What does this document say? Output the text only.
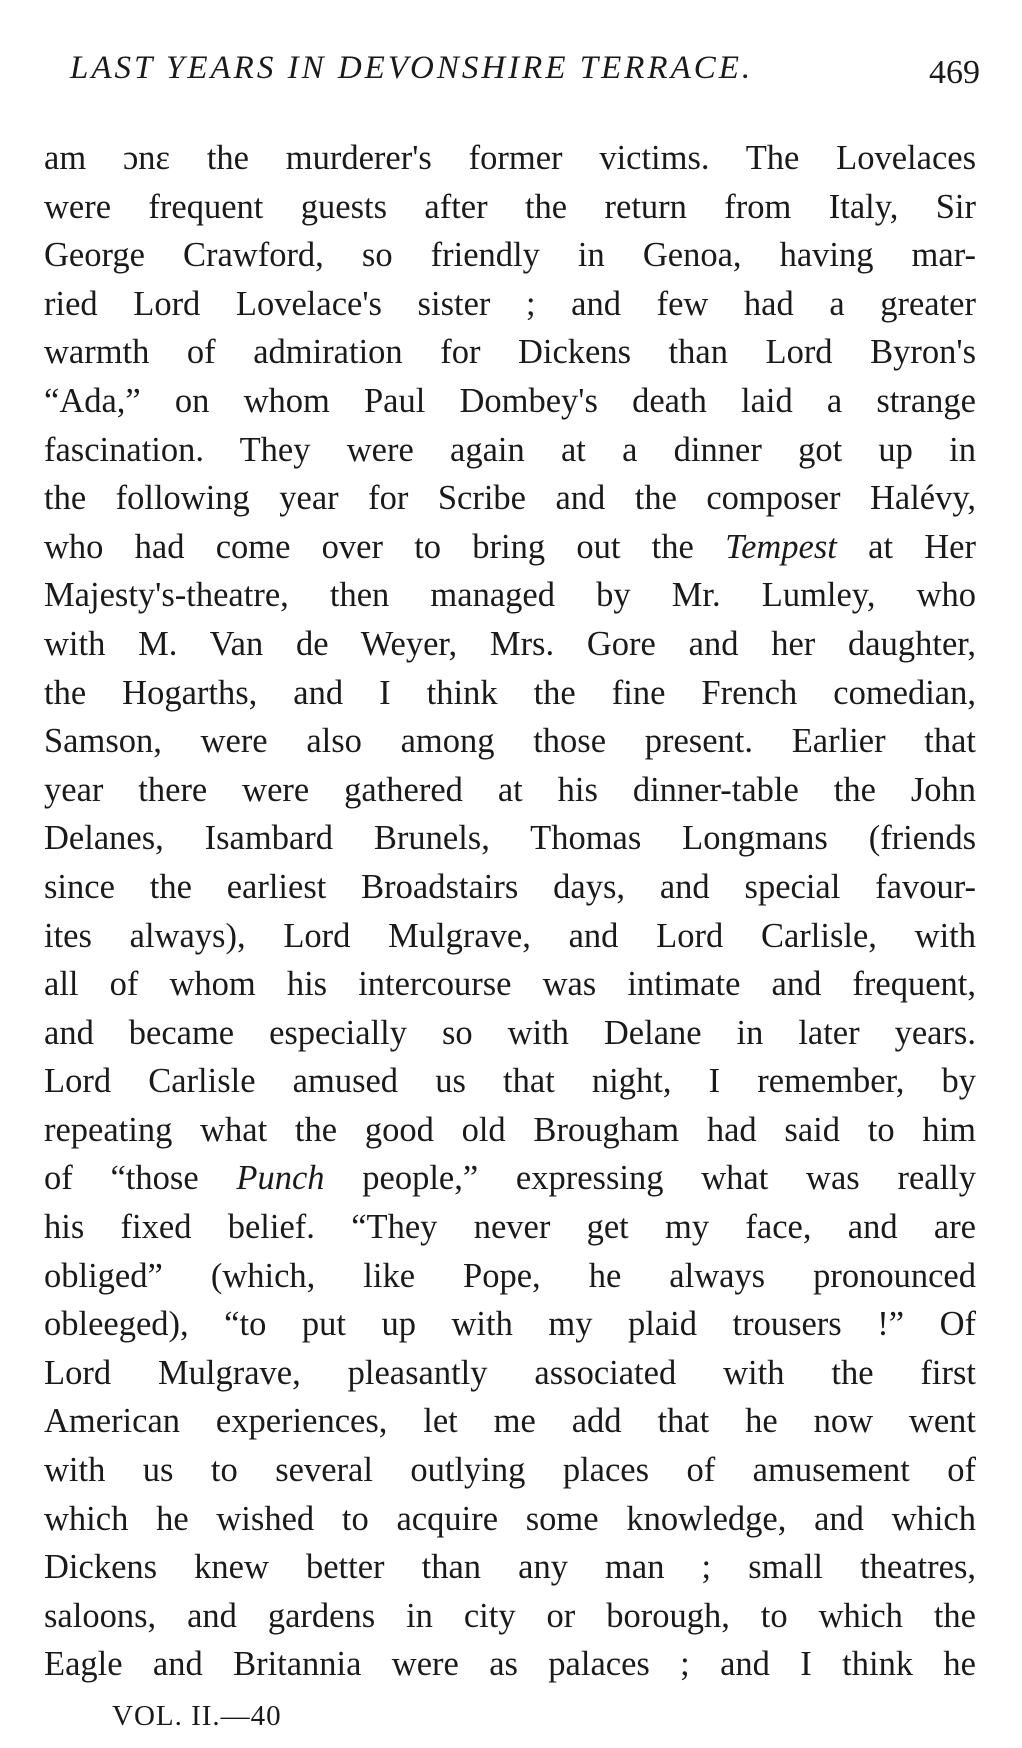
LAST YEARS IN DEVONSHIRE TERRACE.	469
am ɔnɛ the murderer's former victims. The Lovelaces
were frequent guests after the return from Italy, Sir
George Crawford, so friendly in Genoa, having mar-
ried Lord Lovelace's sister ; and few had a greater
warmth of admiration for Dickens than Lord Byron's
“Ada,” on whom Paul Dombey's death laid a strange
fascination. They were again at a dinner got up in
the following year for Scribe and the composer Halévy,
who had come over to bring out the Tempest at Her
Majesty's-theatre, then managed by Mr. Lumley, who
with M. Van de Weyer, Mrs. Gore and her daughter,
the Hogarths, and I think the fine French comedian,
Samson, were also among those present. Earlier that
year there were gathered at his dinner-table the John
Delanes, Isambard Brunels, Thomas Longmans (friends
since the earliest Broadstairs days, and special favour-
ites always), Lord Mulgrave, and Lord Carlisle, with
all of whom his intercourse was intimate and frequent,
and became especially so with Delane in later years.
Lord Carlisle amused us that night, I remember, by
repeating what the good old Brougham had said to him
of “those Punch people,” expressing what was really
his fixed belief. “They never get my face, and are
obliged” (which, like Pope, he always pronounced
obleeged), “to put up with my plaid trousers !” Of
Lord Mulgrave, pleasantly associated with the first
American experiences, let me add that he now went
with us to several outlying places of amusement of
which he wished to acquire some knowledge, and which
Dickens knew better than any man ; small theatres,
saloons, and gardens in city or borough, to which the
Eagle and Britannia were as palaces ; and I think he
VOL. II.—40
